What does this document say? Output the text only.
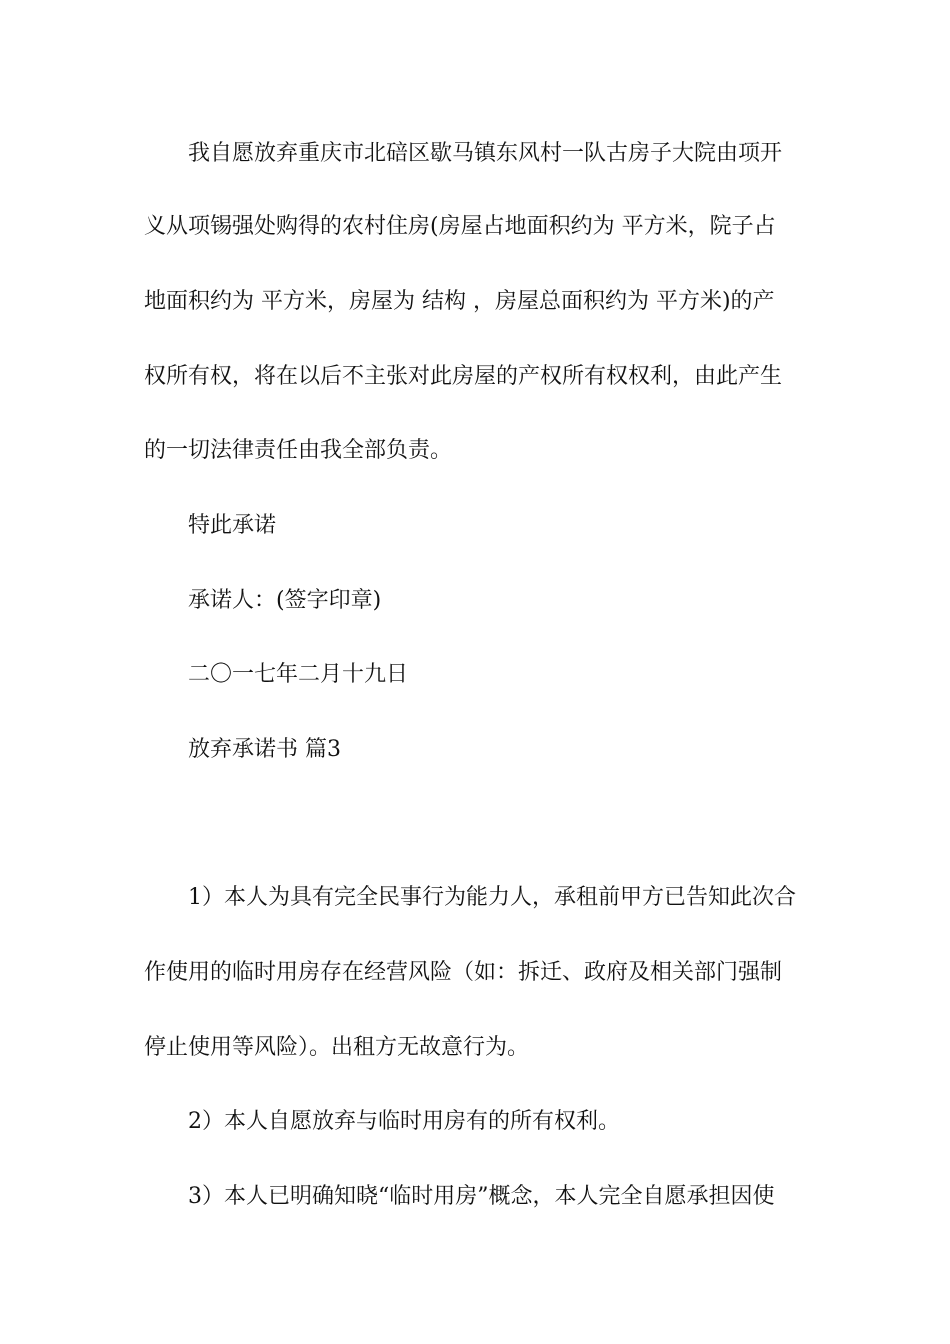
我自愿放弃重庆市北碚区歇马镇东风村一队古房子大院由项开
义从项锡强处购得的农村住房(房屋占地面积约为 平方米，院子占
地面积约为 平方米，房屋为 结构 ，房屋总面积约为 平方米)的产
权所有权，将在以后不主张对此房屋的产权所有权权利，由此产生
的一切法律责任由我全部负责。
特此承诺
承诺人：(签字印章)
二〇一七年二月十九日
放弃承诺书 篇3
1）本人为具有完全民事行为能力人，承租前甲方已告知此次合
作使用的临时用房存在经营风险（如：拆迁、政府及相关部门强制
停止使用等风险）。出租方无故意行为。
2）本人自愿放弃与临时用房有的所有权利。
3）本人已明确知晓“临时用房”概念，本人完全自愿承担因使
